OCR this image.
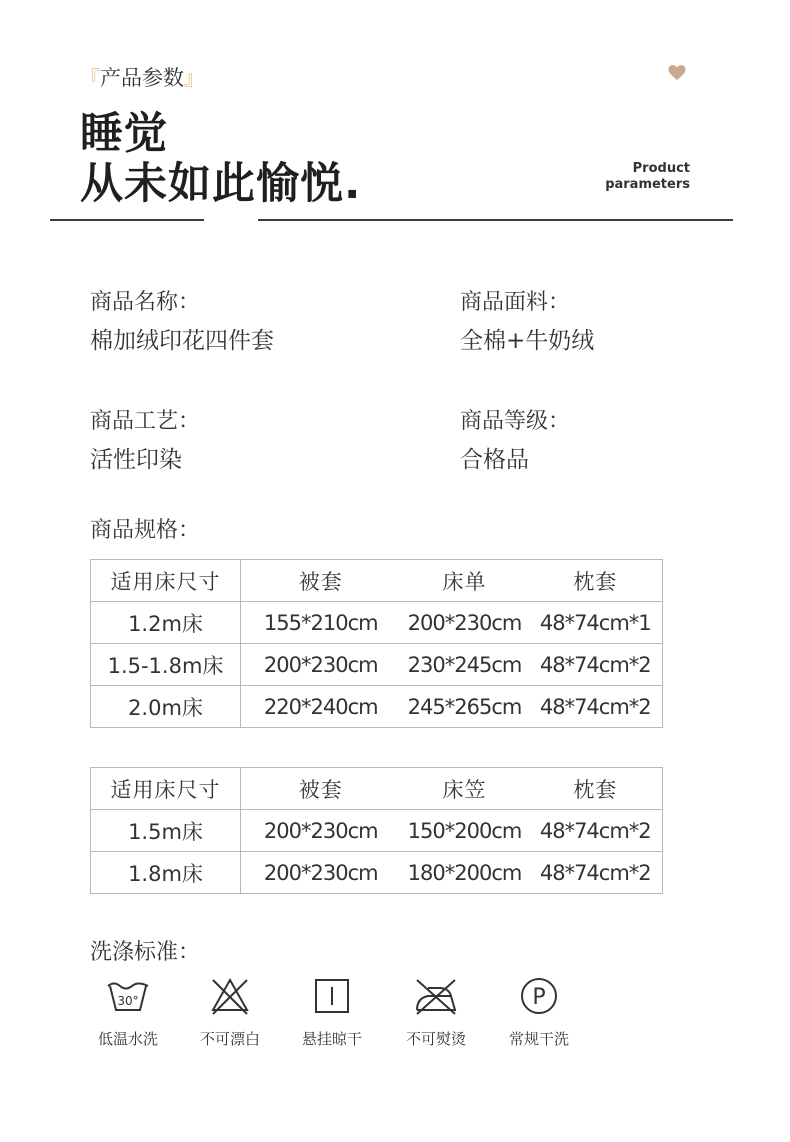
『产品参数』
睡觉
从未如此愉悦.	Product
parameters
商品名称：
棉加绒印花四件套
商品面料：
全棉+牛奶绒
商品工艺：
活性印染
商品等级：
合格品
商品规格：
适用床尺寸	被套	床单	枕套
1.2m床	155*210cm	200*230cm	48*74cm*1
1.5-1.8m床	200*230cm	230*245cm	48*74cm*2
2.0m床	220*240cm	245*265cm	48*74cm*2
适用床尺寸	被套	床笠	枕套
1.5m床	200*230cm	150*200cm	48*74cm*2
1.8m床	200*230cm	180*200cm	48*74cm*2
洗涤标准：
30°
低温水洗	不可漂白	悬挂晾干	不可熨烫
P
常规干洗
